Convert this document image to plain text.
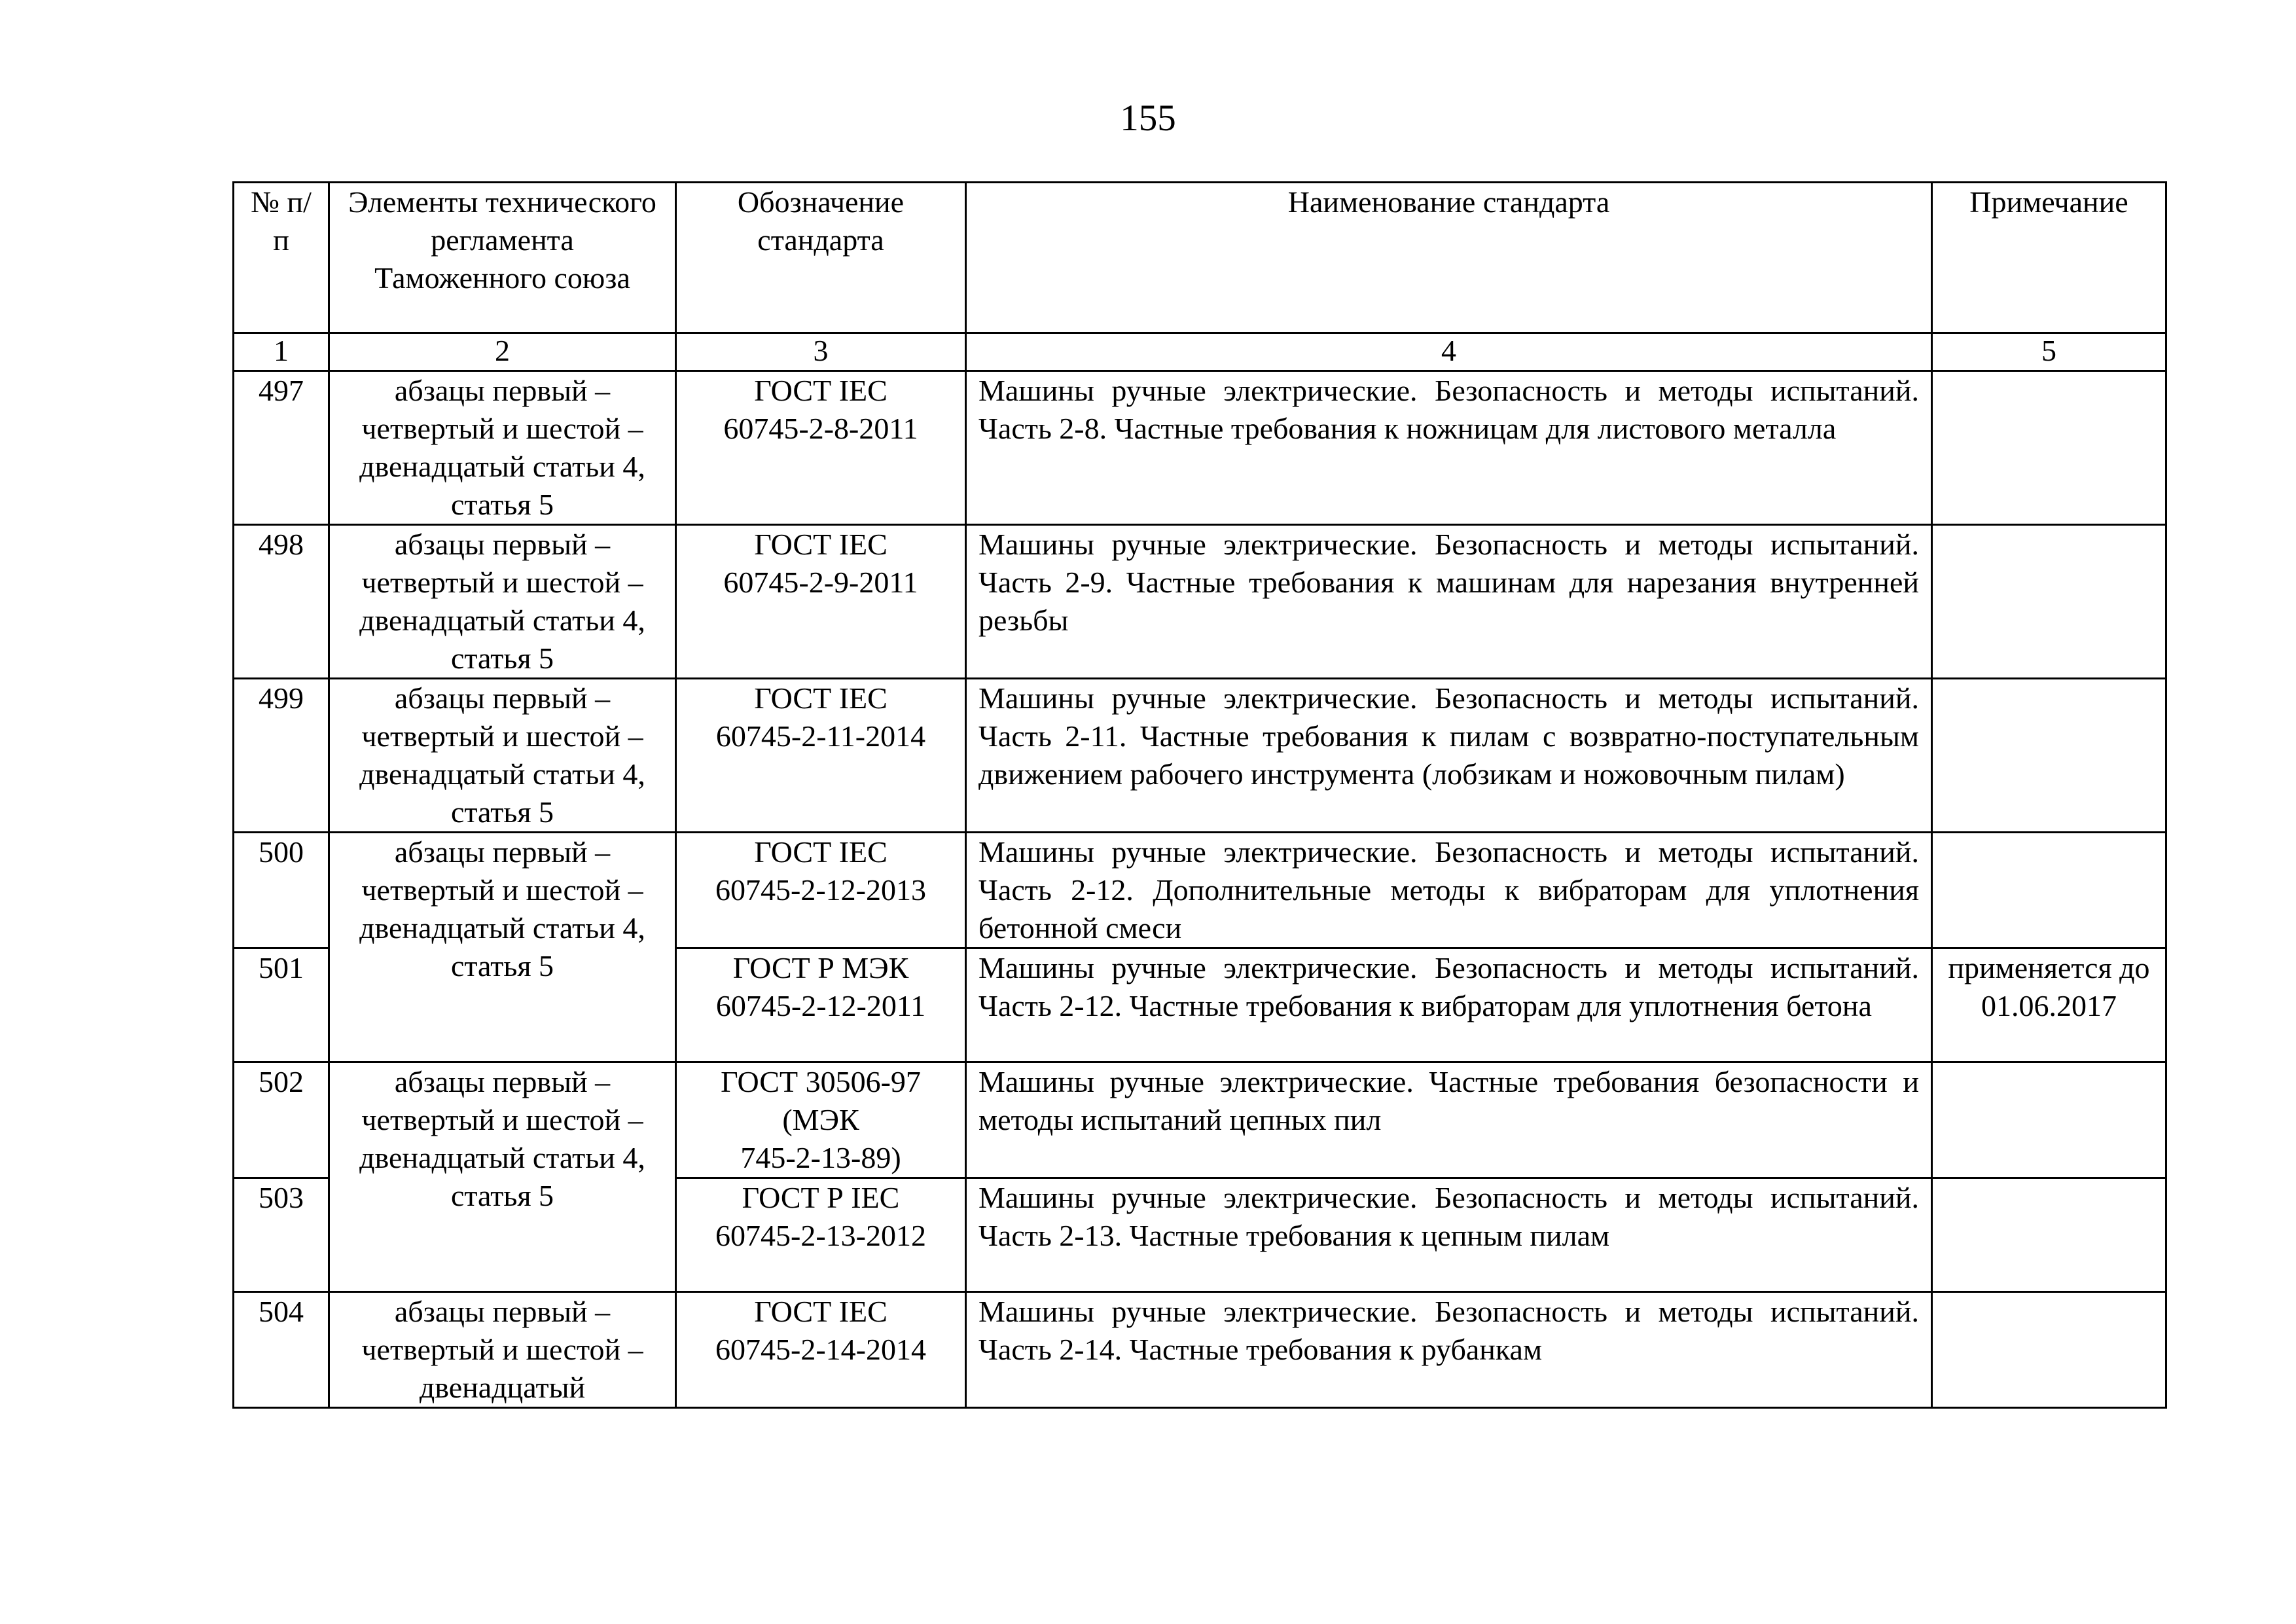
155
№ п/п	Элементы технического регламента Таможенного союза	Обозначение стандарта	Наименование стандарта	Примечание
1	2	3	4	5
497	абзацы первый – четвертый и шестой – двенадцатый статьи 4, статья 5	ГОСТ IEC
60745-2-8-2011	Машины ручные электрические. Безопасность и методы испытаний. Часть 2-8. Частные требования к ножницам для листового металла	
498	абзацы первый – четвертый и шестой – двенадцатый статьи 4, статья 5	ГОСТ IEC
60745-2-9-2011	Машины ручные электрические. Безопасность и методы испытаний. Часть 2-9. Частные требования к машинам для нарезания внутренней резьбы	
499	абзацы первый – четвертый и шестой – двенадцатый статьи 4, статья 5	ГОСТ IEC
60745-2-11-2014	Машины ручные электрические. Безопасность и методы испытаний. Часть 2-11. Частные требования к пилам с возвратно-поступательным движением рабочего инструмента (лобзикам и ножовочным пилам)	
500	абзацы первый – четвертый и шестой – двенадцатый статьи 4, статья 5	ГОСТ IEC
60745-2-12-2013	Машины ручные электрические. Безопасность и методы испытаний. Часть 2-12. Дополнительные методы к вибраторам для уплотнения бетонной смеси	
501		ГОСТ Р МЭК
60745-2-12-2011	Машины ручные электрические. Безопасность и методы испытаний. Часть 2-12. Частные требования к вибраторам для уплотнения бетона	применяется до 01.06.2017
502	абзацы первый – четвертый и шестой – двенадцатый статьи 4, статья 5	ГОСТ 30506-97
(МЭК
745-2-13-89)	Машины ручные электрические. Частные требования безопасности и методы испытаний цепных пил	
503		ГОСТ Р IEC
60745-2-13-2012	Машины ручные электрические. Безопасность и методы испытаний. Часть 2-13. Частные требования к цепным пилам	
504	абзацы первый – четвертый и шестой – двенадцатый	ГОСТ IEC
60745-2-14-2014	Машины ручные электрические. Безопасность и методы испытаний. Часть 2-14. Частные требования к рубанкам	
